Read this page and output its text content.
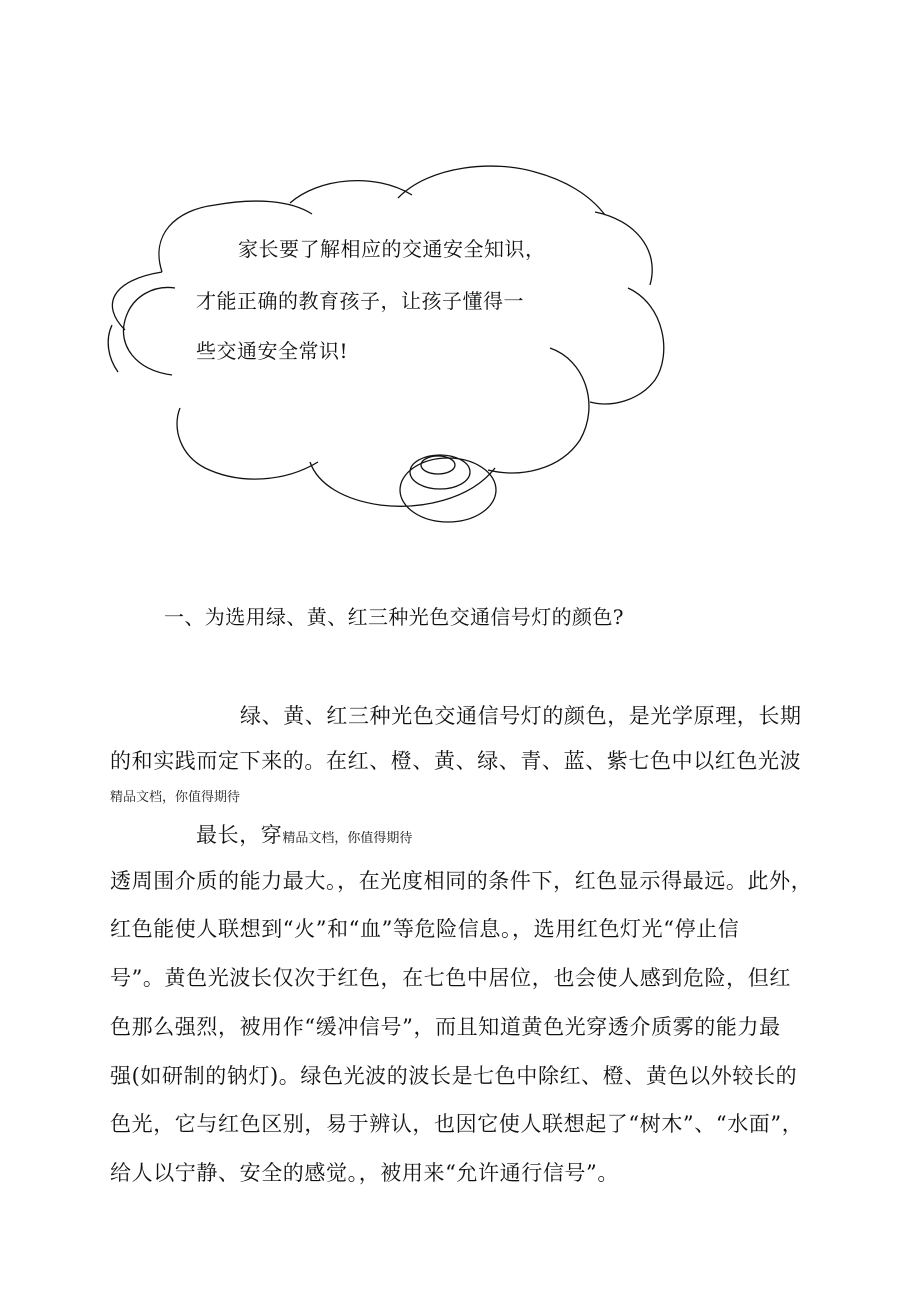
家长要了解相应的交通安全知识，
才能正确的教育孩子，让孩子懂得一
些交通安全常识!
一、为选用绿、黄、红三种光色交通信号灯的颜色?
绿、黄、红三种光色交通信号灯的颜色，是光学原理，长期
的和实践而定下来的。在红、橙、黄、绿、青、蓝、紫七色中以红色光波
精品文档，你值得期待
最长，穿精品文档，你值得期待
透周围介质的能力最大。，在光度相同的条件下，红色显示得最远。此外，
红色能使人联想到“火”和“血”等危险信息。，选用红色灯光“停止信
号”。黄色光波长仅次于红色，在七色中居位，也会使人感到危险，但红
色那么强烈，被用作“缓冲信号”，而且知道黄色光穿透介质雾的能力最
强(如研制的钠灯)。绿色光波的波长是七色中除红、橙、黄色以外较长的
色光，它与红色区别，易于辨认，也因它使人联想起了“树木”、“水面”，
给人以宁静、安全的感觉。，被用来“允许通行信号”。
